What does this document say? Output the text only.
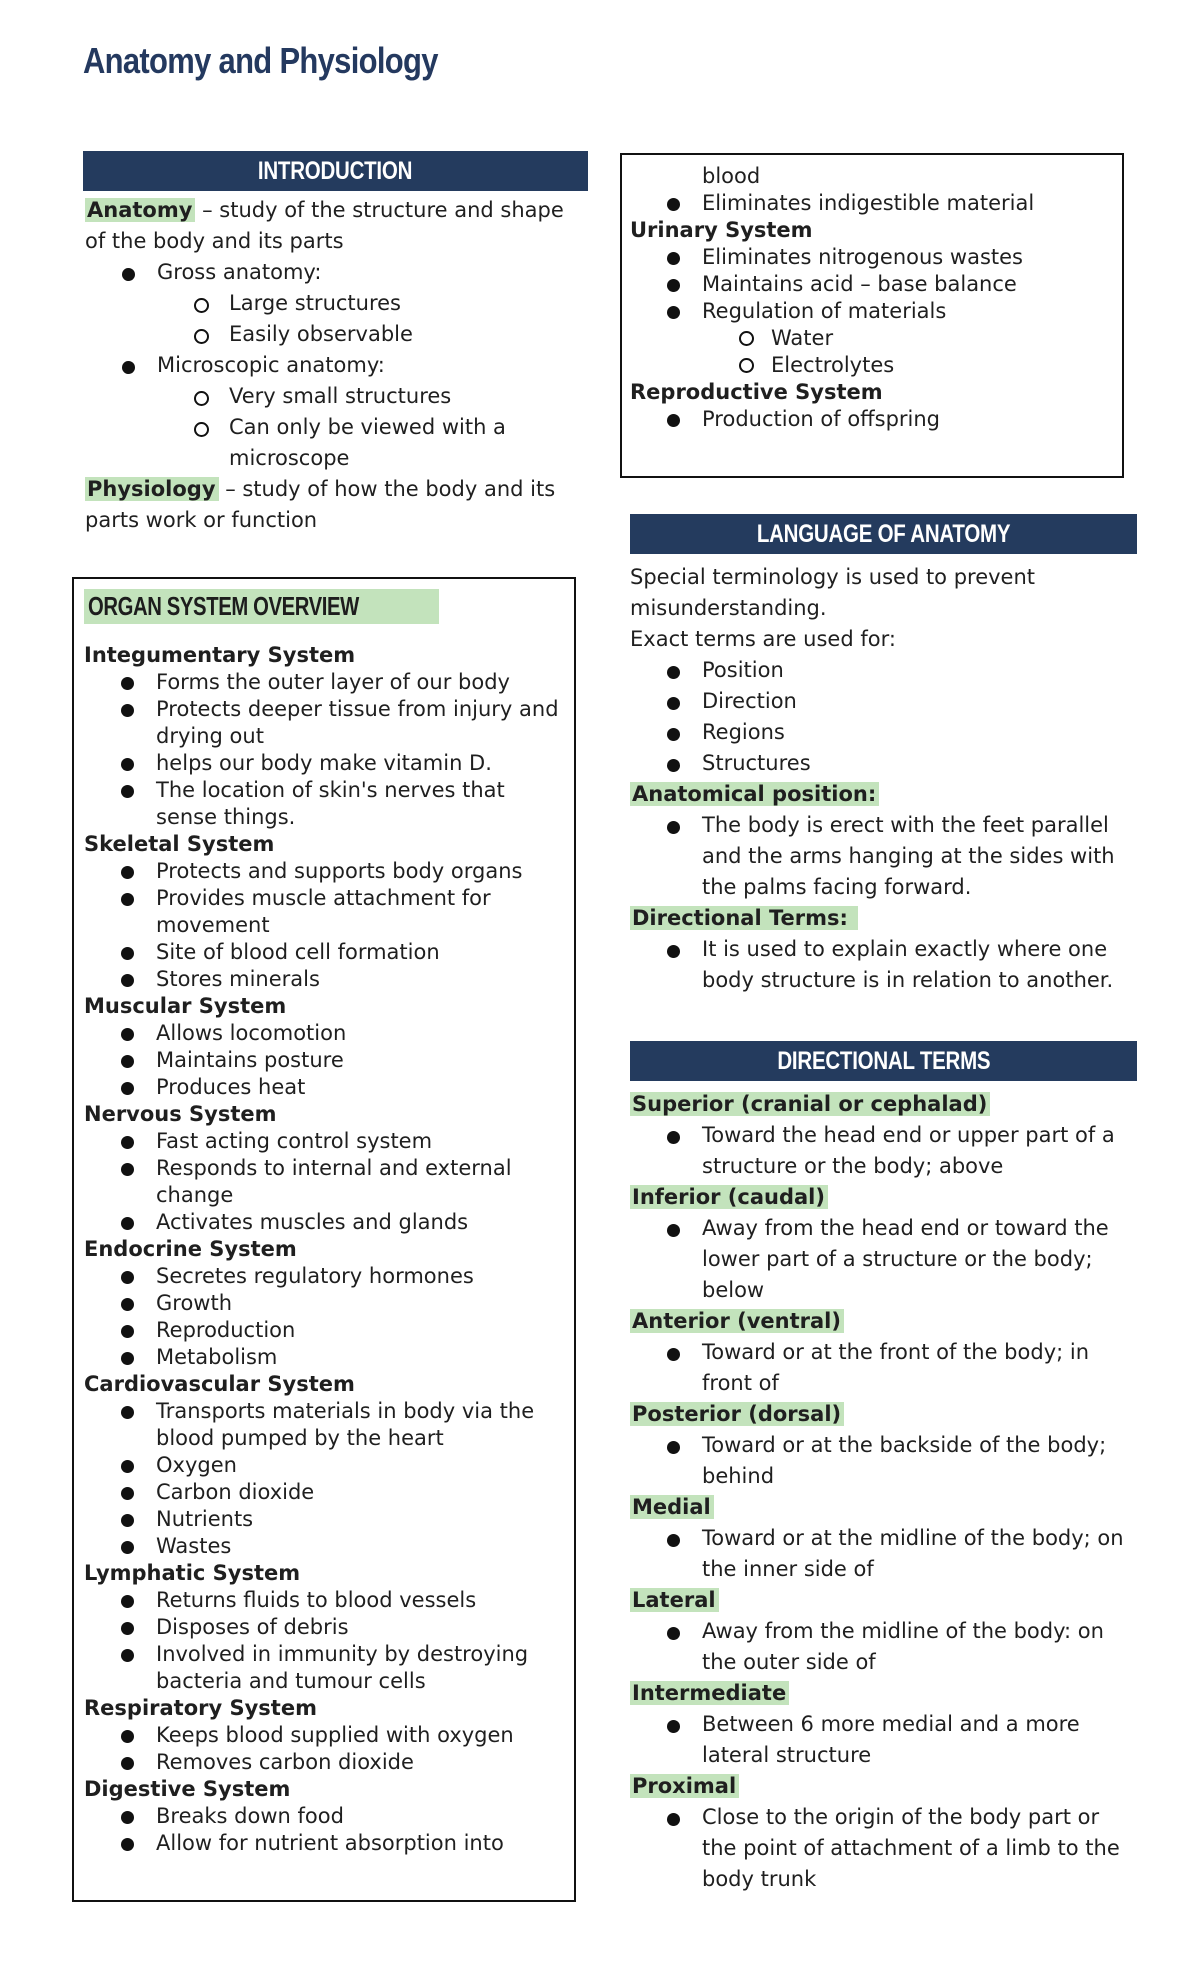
Anatomy and Physiology
INTRODUCTION
Anatomy – study of the structure and shape of the body and its parts
Gross anatomy:
Large structures
Easily observable
Microscopic anatomy:
Very small structures
Can only be viewed with a microscope
Physiology – study of how the body and its parts work or function
ORGAN SYSTEM OVERVIEW
Integumentary System
Forms the outer layer of our body
Protects deeper tissue from injury and drying out
helps our body make vitamin D.
The location of skin's nerves that sense things.
Skeletal System
Protects and supports body organs
Provides muscle attachment for movement
Site of blood cell formation
Stores minerals
Muscular System
Allows locomotion
Maintains posture
Produces heat
Nervous System
Fast acting control system
Responds to internal and external change
Activates muscles and glands
Endocrine System
Secretes regulatory hormones
Growth
Reproduction
Metabolism
Cardiovascular System
Transports materials in body via the blood pumped by the heart
Oxygen
Carbon dioxide
Nutrients
Wastes
Lymphatic System
Returns fluids to blood vessels
Disposes of debris
Involved in immunity by destroying bacteria and tumour cells
Respiratory System
Keeps blood supplied with oxygen
Removes carbon dioxide
Digestive System
Breaks down food
Allow for nutrient absorption into
blood
Eliminates indigestible material
Urinary System
Eliminates nitrogenous wastes
Maintains acid – base balance
Regulation of materials
Water
Electrolytes
Reproductive System
Production of offspring
LANGUAGE OF ANATOMY
Special terminology is used to prevent misunderstanding.
Exact terms are used for:
Position
Direction
Regions
Structures
Anatomical position:
The body is erect with the feet parallel and the arms hanging at the sides with the palms facing forward.
Directional Terms:
It is used to explain exactly where one body structure is in relation to another.
DIRECTIONAL TERMS
Superior (cranial or cephalad)
Toward the head end or upper part of a structure or the body; above
Inferior (caudal)
Away from the head end or toward the lower part of a structure or the body; below
Anterior (ventral)
Toward or at the front of the body; in front of
Posterior (dorsal)
Toward or at the backside of the body; behind
Medial
Toward or at the midline of the body; on the inner side of
Lateral
Away from the midline of the body: on the outer side of
Intermediate
Between 6 more medial and a more lateral structure
Proximal
Close to the origin of the body part or the point of attachment of a limb to the body trunk
